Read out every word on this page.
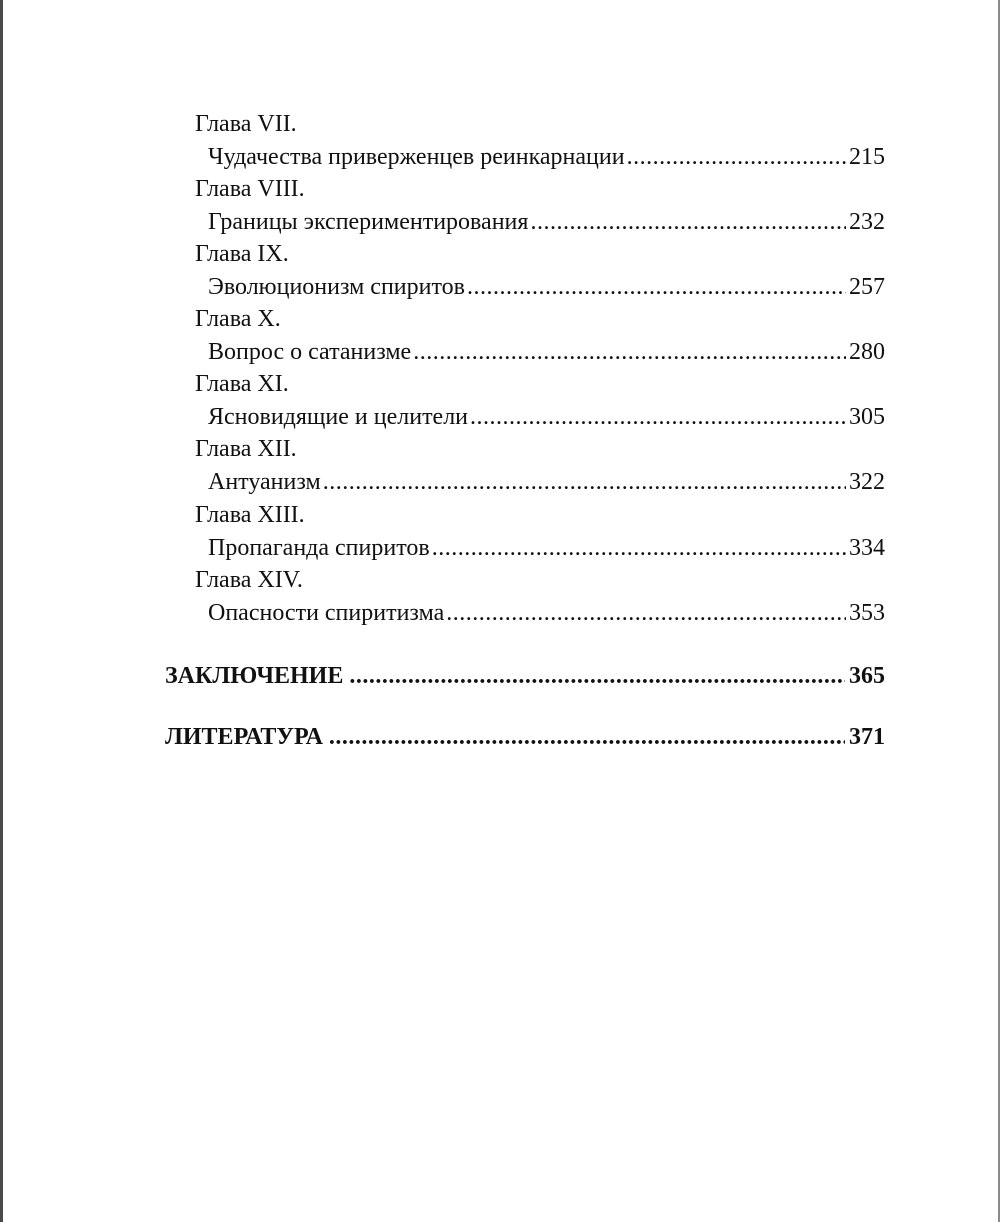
Глава VII.
Чудачества приверженцев реинкарнации .....	215
Глава VIII.
Границы экспериментирования .....	232
Глава IX.
Эволюционизм спиритов .....	257
Глава X.
Вопрос о сатанизме .....	280
Глава XI.
Ясновидящие и целители .....	305
Глава XII.
Антуанизм .....	322
Глава XIII.
Пропаганда спиритов .....	334
Глава XIV.
Опасности спиритизма .....	353
ЗАКЛЮЧЕНИЕ .....	365
ЛИТЕРАТУРА .....	371
